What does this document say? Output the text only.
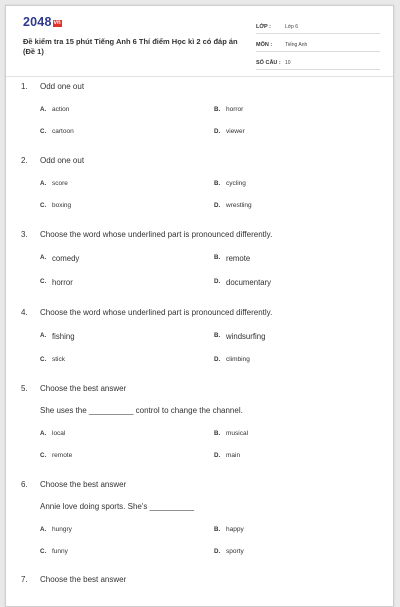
2048 vn
Đề kiểm tra 15 phút Tiếng Anh 6 Thí điểm Học kì 2 có đáp án (Đề 1)
LỚP :	Lớp 6
MÔN :	Tiếng Anh
SỐ CÂU : 10
1.	Odd one out
A. action	B. horror
C. cartoon	D. viewer
2.	Odd one out
A. score	B. cycling
C. boxing	D. wrestling
3.	Choose the word whose underlined part is pronounced differently.
A. comedy	B. remote
C. horror	D. documentary
4.	Choose the word whose underlined part is pronounced differently.
A. fishing	B. windsurfing
C. stick	D. climbing
5.	Choose the best answer
She uses the __________ control to change the channel.
A. local	B. musical
C. remote	D. main
6.	Choose the best answer
Annie love doing sports. She's __________
A. hungry	B. happy
C. funny	D. sporty
7.	Choose the best answer
